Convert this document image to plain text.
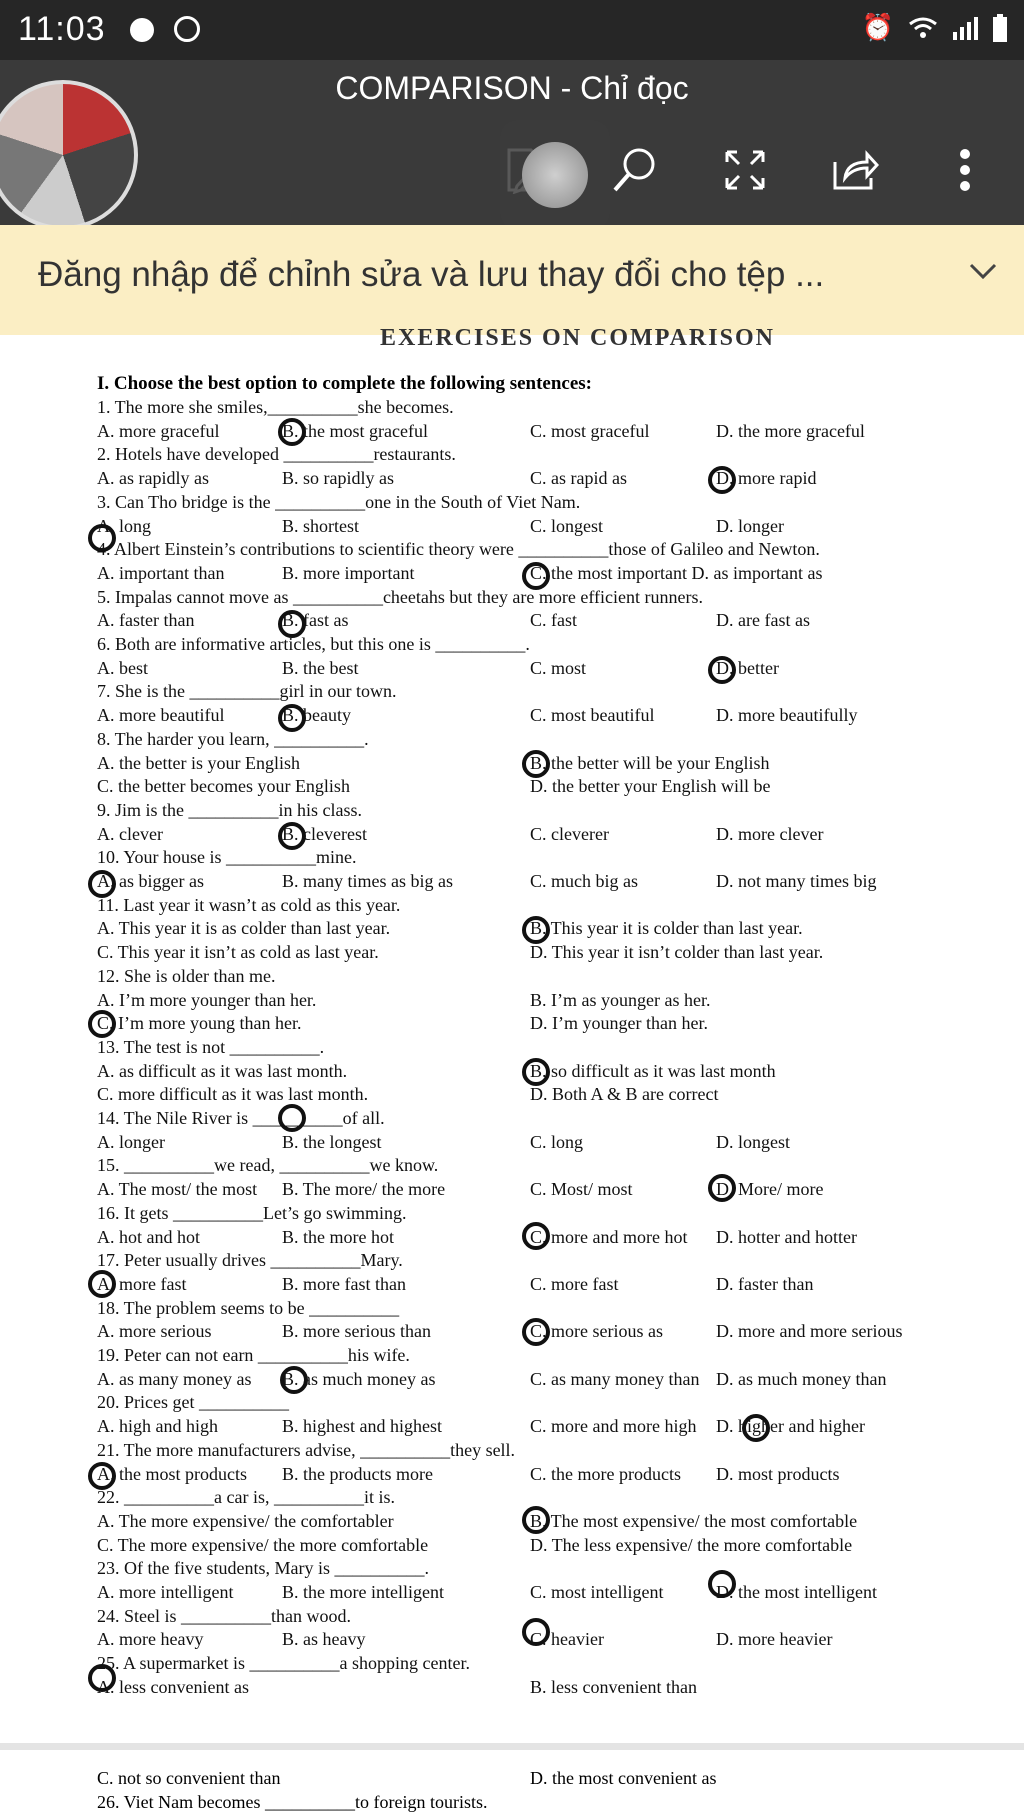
11:03	⏰
COMPARISON - Chỉ đọc
Đăng nhập để chỉnh sửa và lưu thay đổi cho tệp ...
EXERCISES ON COMPARISON
I. Choose the best option to complete the following sentences:
1. The more she smiles,__________she becomes.
A. more graceful	B. the most graceful	C. most graceful	D. the more graceful
2. Hotels have developed __________restaurants.
A. as rapidly as	B. so rapidly as	C. as rapid as	D. more rapid
3. Can Tho bridge is the __________one in the South of Viet Nam.
A. long	B. shortest	C. longest	D. longer
4. Albert Einstein’s contributions to scientific theory were __________those of Galileo and Newton.
A. important than	B. more important	C. the most important D. as important as
5. Impalas cannot move as __________cheetahs but they are more efficient runners.
A. faster than	B. fast as	C. fast	D. are fast as
6. Both are informative articles, but this one is __________.
A. best	B. the best	C. most	D. better
7. She is the __________girl in our town.
A. more beautiful	B. beauty	C. most beautiful	D. more beautifully
8. The harder you learn, __________.
A. the better is your English	B. the better will be your English
C. the better becomes your English	D. the better your English will be
9. Jim is the __________in his class.
A. clever	B. cleverest	C. cleverer	D. more clever
10. Your house is __________mine.
A. as bigger as	B. many times as big as	C. much big as	D. not many times big
11. Last year it wasn’t as cold as this year.
A. This year it is as colder than last year.	B. This year it is colder than last year.
C. This year it isn’t as cold as last year.	D. This year it isn’t colder than last year.
12. She is older than me.
A. I’m more younger than her.	B. I’m as younger as her.
C. I’m more young than her.	D. I’m younger than her.
13. The test is not __________.
A. as difficult as it was last month.	B. so difficult as it was last month
C. more difficult as it was last month.	D. Both A & B are correct
14. The Nile River is __________of all.
A. longer	B. the longest	C. long	D. longest
15. __________we read, __________we know.
A. The most/ the most B. The more/ the more	C. Most/ most	D. More/ more
16. It gets __________Let’s go swimming.
A. hot and hot	B. the more hot	C. more and more hot D. hotter and hotter
17. Peter usually drives __________Mary.
A. more fast	B. more fast than	C. more fast	D. faster than
18. The problem seems to be __________
A. more serious	B. more serious than	C. more serious as	D. more and more serious
19. Peter can not earn __________his wife.
A. as many money as B. as much money as	C. as many money than D. as much money than
20. Prices get __________
A. high and high	B. highest and highest	C. more and more high D. higher and higher
21. The more manufacturers advise, __________they sell.
A. the most products B. the products more	C. the more products D. most products
22. __________a car is, __________it is.
A. The more expensive/ the comfortabler	B. The most expensive/ the most comfortable
C. The more expensive/ the more comfortable	D. The less expensive/ the more comfortable
23. Of the five students, Mary is __________.
A. more intelligent	B. the more intelligent	C. most intelligent	D. the most intelligent
24. Steel is __________than wood.
A. more heavy	B. as heavy	C. heavier	D. more heavier
25. A supermarket is __________a shopping center.
A. less convenient as	B. less convenient than
C. not so convenient than	D. the most convenient as
26. Viet Nam becomes __________to foreign tourists.
